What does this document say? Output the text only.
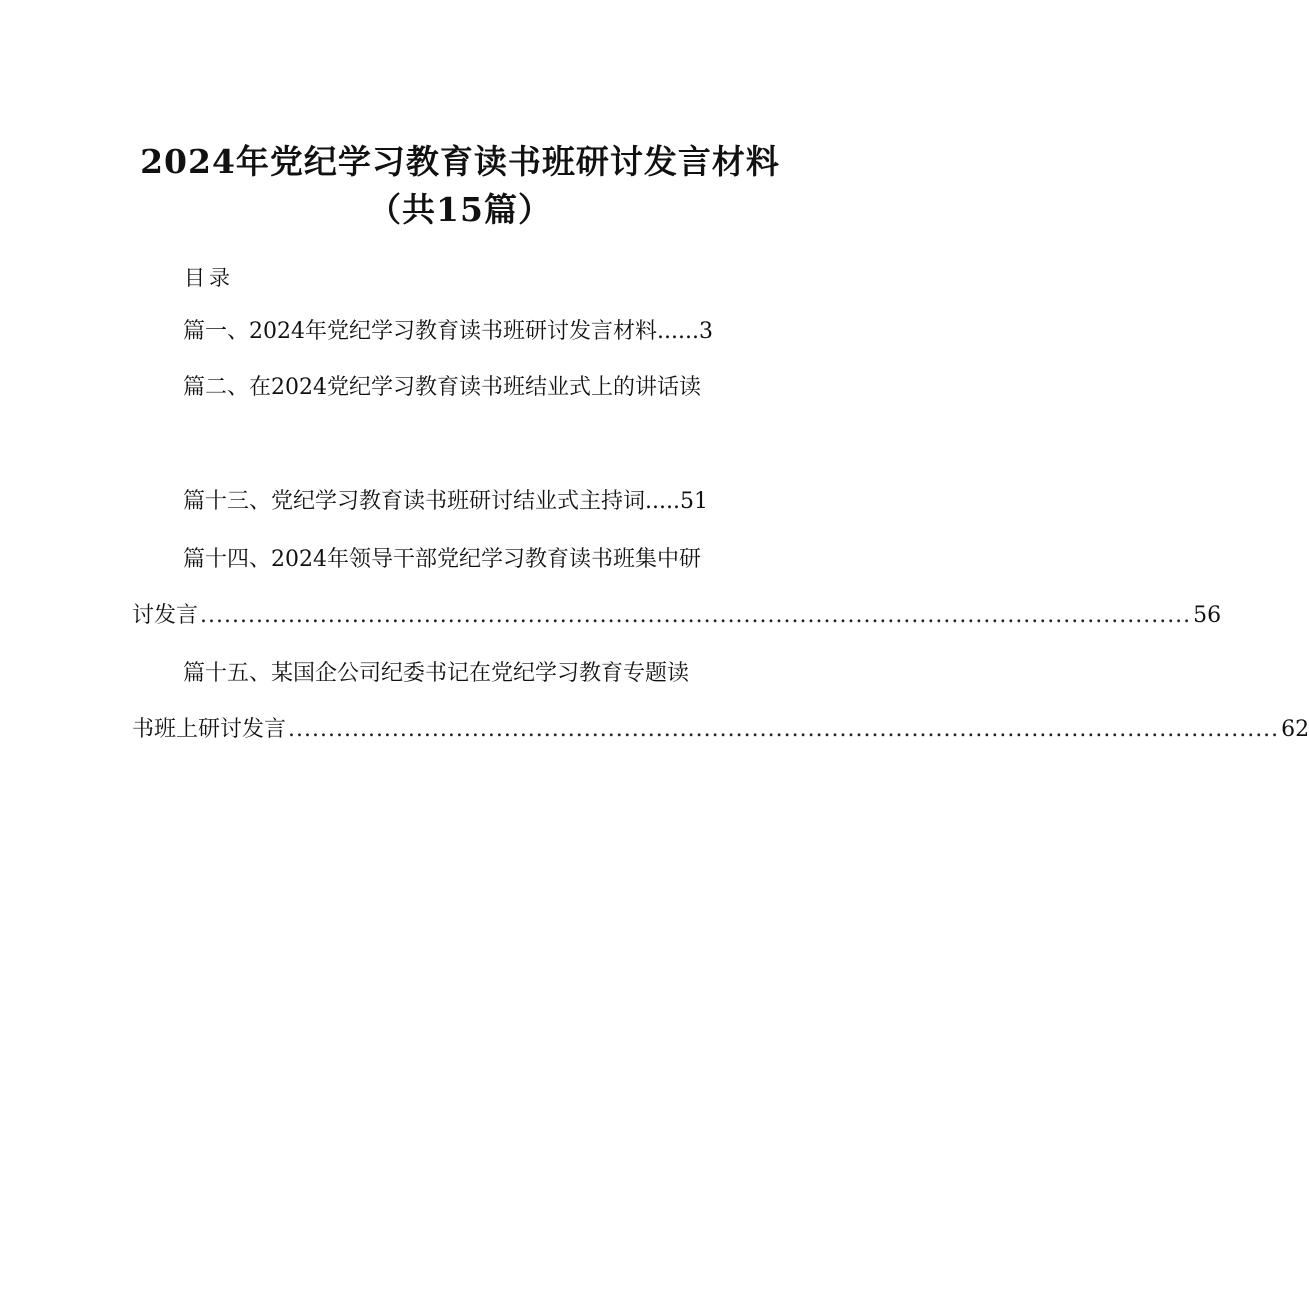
2024年党纪学习教育读书班研讨发言材料
（共15篇）
目录
篇一、2024年党纪学习教育读书班研讨发言材料......3
篇二、在2024党纪学习教育读书班结业式上的讲话读
篇十三、党纪学习教育读书班研讨结业式主持词.....51
篇十四、2024年领导干部党纪学习教育读书班集中研
讨发言 ............................................................................................................................ 56
篇十五、某国企公司纪委书记在党纪学习教育专题读
书班上研讨发言 ............................................................................................................................ 62
